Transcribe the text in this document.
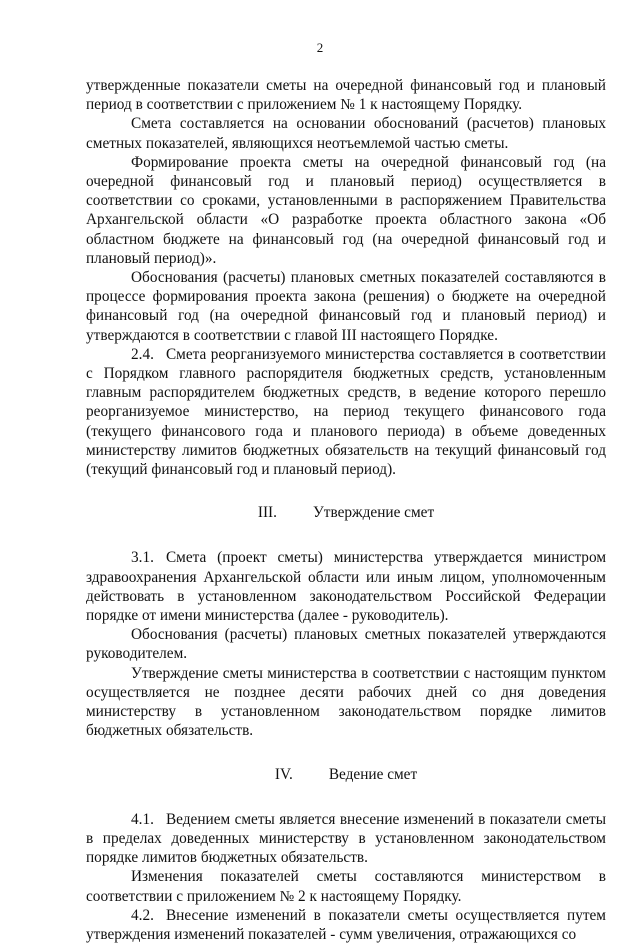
2

утвержденные показатели сметы на очередной финансовый год и плановый период в соответствии с приложением № 1 к настоящему Порядку.

Смета составляется на основании обоснований (расчетов) плановых сметных показателей, являющихся неотъемлемой частью сметы.

Формирование проекта сметы на очередной финансовый год (на очередной финансовый год и плановый период) осуществляется в соответствии со сроками, установленными в распоряжением Правительства Архангельской области «О разработке проекта областного закона «Об областном бюджете на финансовый год (на очередной финансовый год и плановый период)».

Обоснования (расчеты) плановых сметных показателей составляются в процессе формирования проекта закона (решения) о бюджете на очередной финансовый год (на очередной финансовый год и плановый период) и утверждаются в соответствии с главой III настоящего Порядке.

2.4. Смета реорганизуемого министерства составляется в соответствии с Порядком главного распорядителя бюджетных средств, установленным главным распорядителем бюджетных средств, в ведение которого перешло реорганизуемое министерство, на период текущего финансового года (текущего финансового года и планового периода) в объеме доведенных министерству лимитов бюджетных обязательств на текущий финансовый год (текущий финансовый год и плановый период).

III. Утверждение смет

3.1. Смета (проект сметы) министерства утверждается министром здравоохранения Архангельской области или иным лицом, уполномоченным действовать в установленном законодательством Российской Федерации порядке от имени министерства (далее - руководитель).

Обоснования (расчеты) плановых сметных показателей утверждаются руководителем.

Утверждение сметы министерства в соответствии с настоящим пунктом осуществляется не позднее десяти рабочих дней со дня доведения министерству в установленном законодательством порядке лимитов бюджетных обязательств.

IV. Ведение смет

4.1. Ведением сметы является внесение изменений в показатели сметы в пределах доведенных министерству в установленном законодательством порядке лимитов бюджетных обязательств.

Изменения показателей сметы составляются министерством в соответствии с приложением № 2 к настоящему Порядку.

4.2. Внесение изменений в показатели сметы осуществляется путем утверждения изменений показателей - сумм увеличения, отражающихся со
